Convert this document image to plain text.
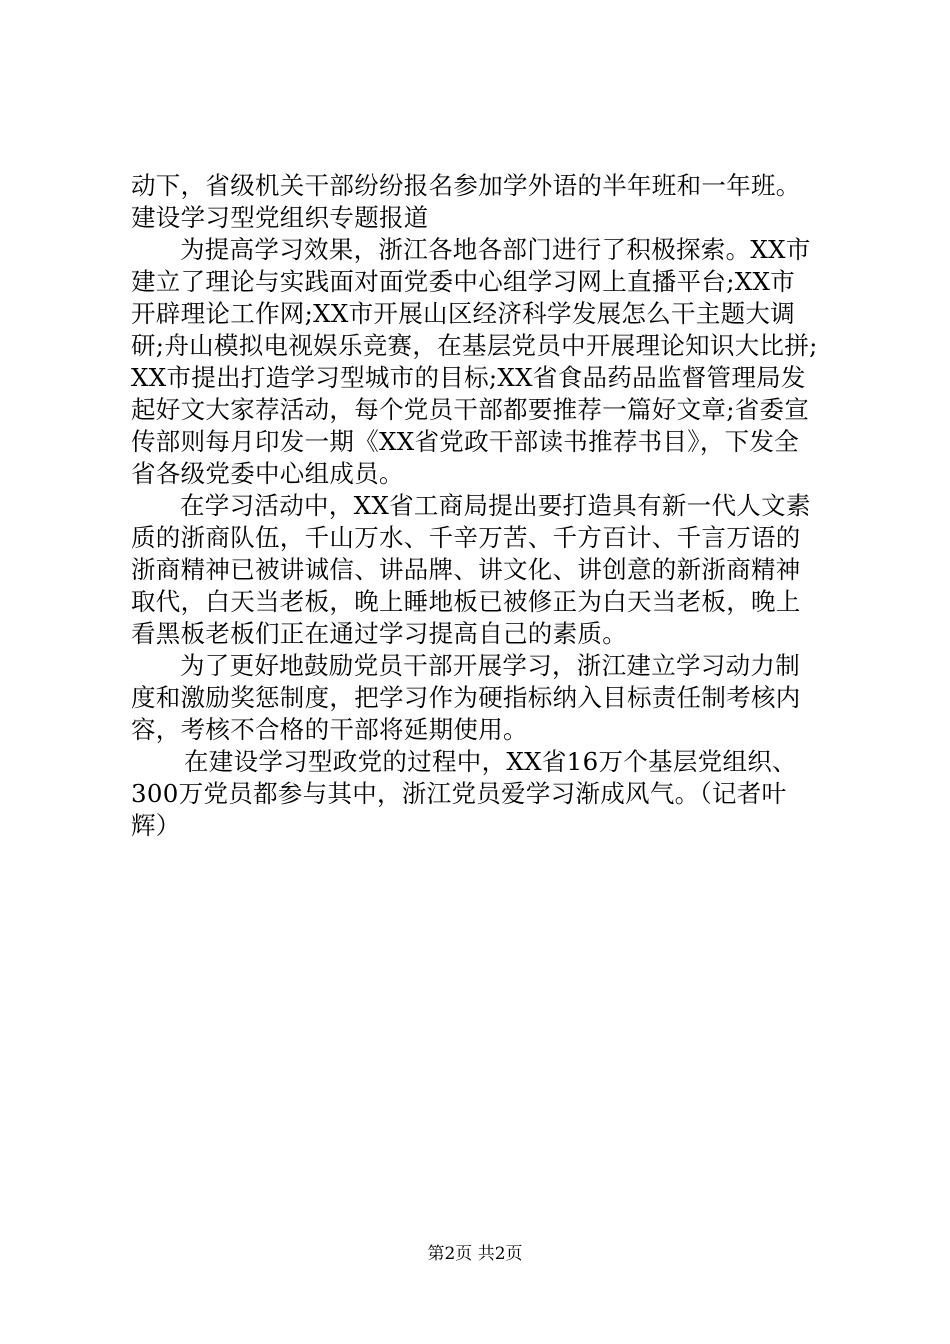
动下，省级机关干部纷纷报名参加学外语的半年班和一年班。
建设学习型党组织专题报道
为提高学习效果，浙江各地各部门进行了积极探索。XX市
建立了理论与实践面对面党委中心组学习网上直播平台;XX市
开辟理论工作网;XX市开展山区经济科学发展怎么干主题大调
研;舟山模拟电视娱乐竞赛，在基层党员中开展理论知识大比拼;
XX市提出打造学习型城市的目标;XX省食品药品监督管理局发
起好文大家荐活动，每个党员干部都要推荐一篇好文章;省委宣
传部则每月印发一期《XX省党政干部读书推荐书目》，下发全
省各级党委中心组成员。
在学习活动中，XX省工商局提出要打造具有新一代人文素
质的浙商队伍，千山万水、千辛万苦、千方百计、千言万语的
浙商精神已被讲诚信、讲品牌、讲文化、讲创意的新浙商精神
取代，白天当老板，晚上睡地板已被修正为白天当老板，晚上
看黑板老板们正在通过学习提高自己的素质。
为了更好地鼓励党员干部开展学习，浙江建立学习动力制
度和激励奖惩制度，把学习作为硬指标纳入目标责任制考核内
容，考核不合格的干部将延期使用。
在建设学习型政党的过程中，XX省16万个基层党组织、
300万党员都参与其中，浙江党员爱学习渐成风气。（记者叶
辉）
第2页 共2页
